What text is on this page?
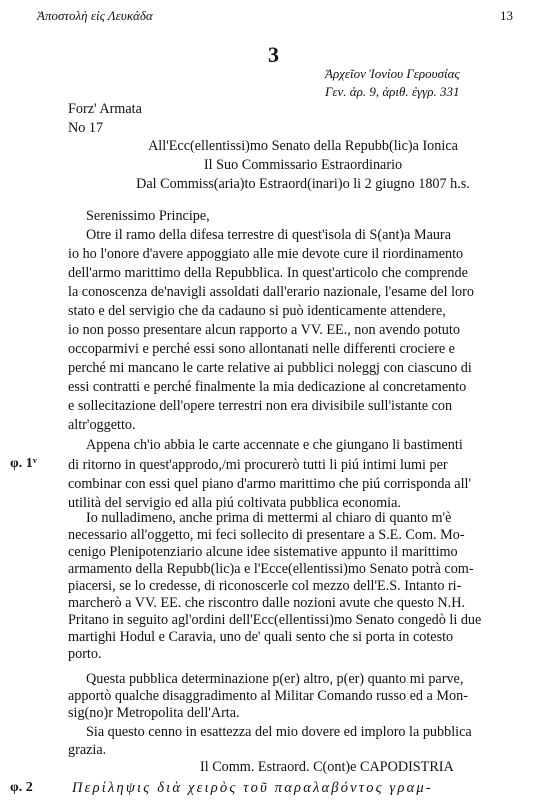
Ἀποστολὴ εἰς Λευκάδα	13
3
Ἀρχεῖον Ἰονίου Γερουσίας
Γεν. ἀρ. 9, ἀριθ. ἐγγρ. 331
Forz' Armata
No 17
All'Ecc(ellentissi)mo Senato della Repubb(lic)a Ionica
Il Suo Commissario Estraordinario
Dal Commiss(aria)to Estraord(inari)o li 2 giugno 1807 h.s.
Serenissimo Principe,
Otre il ramo della difesa terrestre di quest'isola di S(ant)a Maura
io ho l'onore d'avere appoggiato alle mie devote cure il riordinamento
dell'armo marittimo della Repubblica. In quest'articolo che comprende
la conoscenza de'navigli assoldati dall'erario nazionale, l'esame del loro
stato e del servigio che da cadauno si può identicamente attendere,
io non posso presentare alcun rapporto a VV. EE., non avendo potuto
occoparmivi e perché essi sono allontanati nelle differenti crociere e
perché mi mancano le carte relative ai pubblici noleggj con ciascuno di
essi contratti e perché finalmente la mia dedicazione al concretamento
e sollecitazione dell'opere terrestri non era divisibile sull'istante con
altr'oggetto.
Appena ch'io abbia le carte accennate e che giungano li bastimenti
φ. 1ᵛ di ritorno in quest'approdo,/mi procurerò tutti li piú intimi lumi per
combinar con essi quel piano d'armo marittimo che piú corrisponda all'
utilità del servigio ed alla piú coltivata pubblica economia.
Io nulladimeno, anche prima di mettermi al chiaro di quanto m'è
necessario all'oggetto, mi feci sollecito di presentare a S.E. Com. Mo-
cenigo Plenipotenziario alcune idee sistemative appunto il marittimo
armamento della Repubb(lic)a e l'Ecce(ellentissi)mo Senato potrà com-
piacersi, se lo credesse, di riconoscerle col mezzo dell'E.S. Intanto ri-
marcherò a VV. EE. che riscontro dalle nozioni avute che questo N.H.
Pritano in seguito agl'ordini dell'Ecc(ellentissi)mo Senato congedò li due
martighi Hodul e Caravia, uno de' quali sento che si porta in cotesto
porto.
Questa pubblica determinazione p(er) altro, p(er) quanto mi parve,
apportò qualche disaggradimento al Militar Comando russo ed a Mon-
sig(no)r Metropolita dell'Arta.
Sia questo cenno in esattezza del mio dovere ed imploro la pubblica
Il Comm. Estraord. C(ont)e CAPODISTRIA
φ. 2	Περίληψις διὰ χειρὸς τοῦ παραλαβόντος γραμ-
grazia.
